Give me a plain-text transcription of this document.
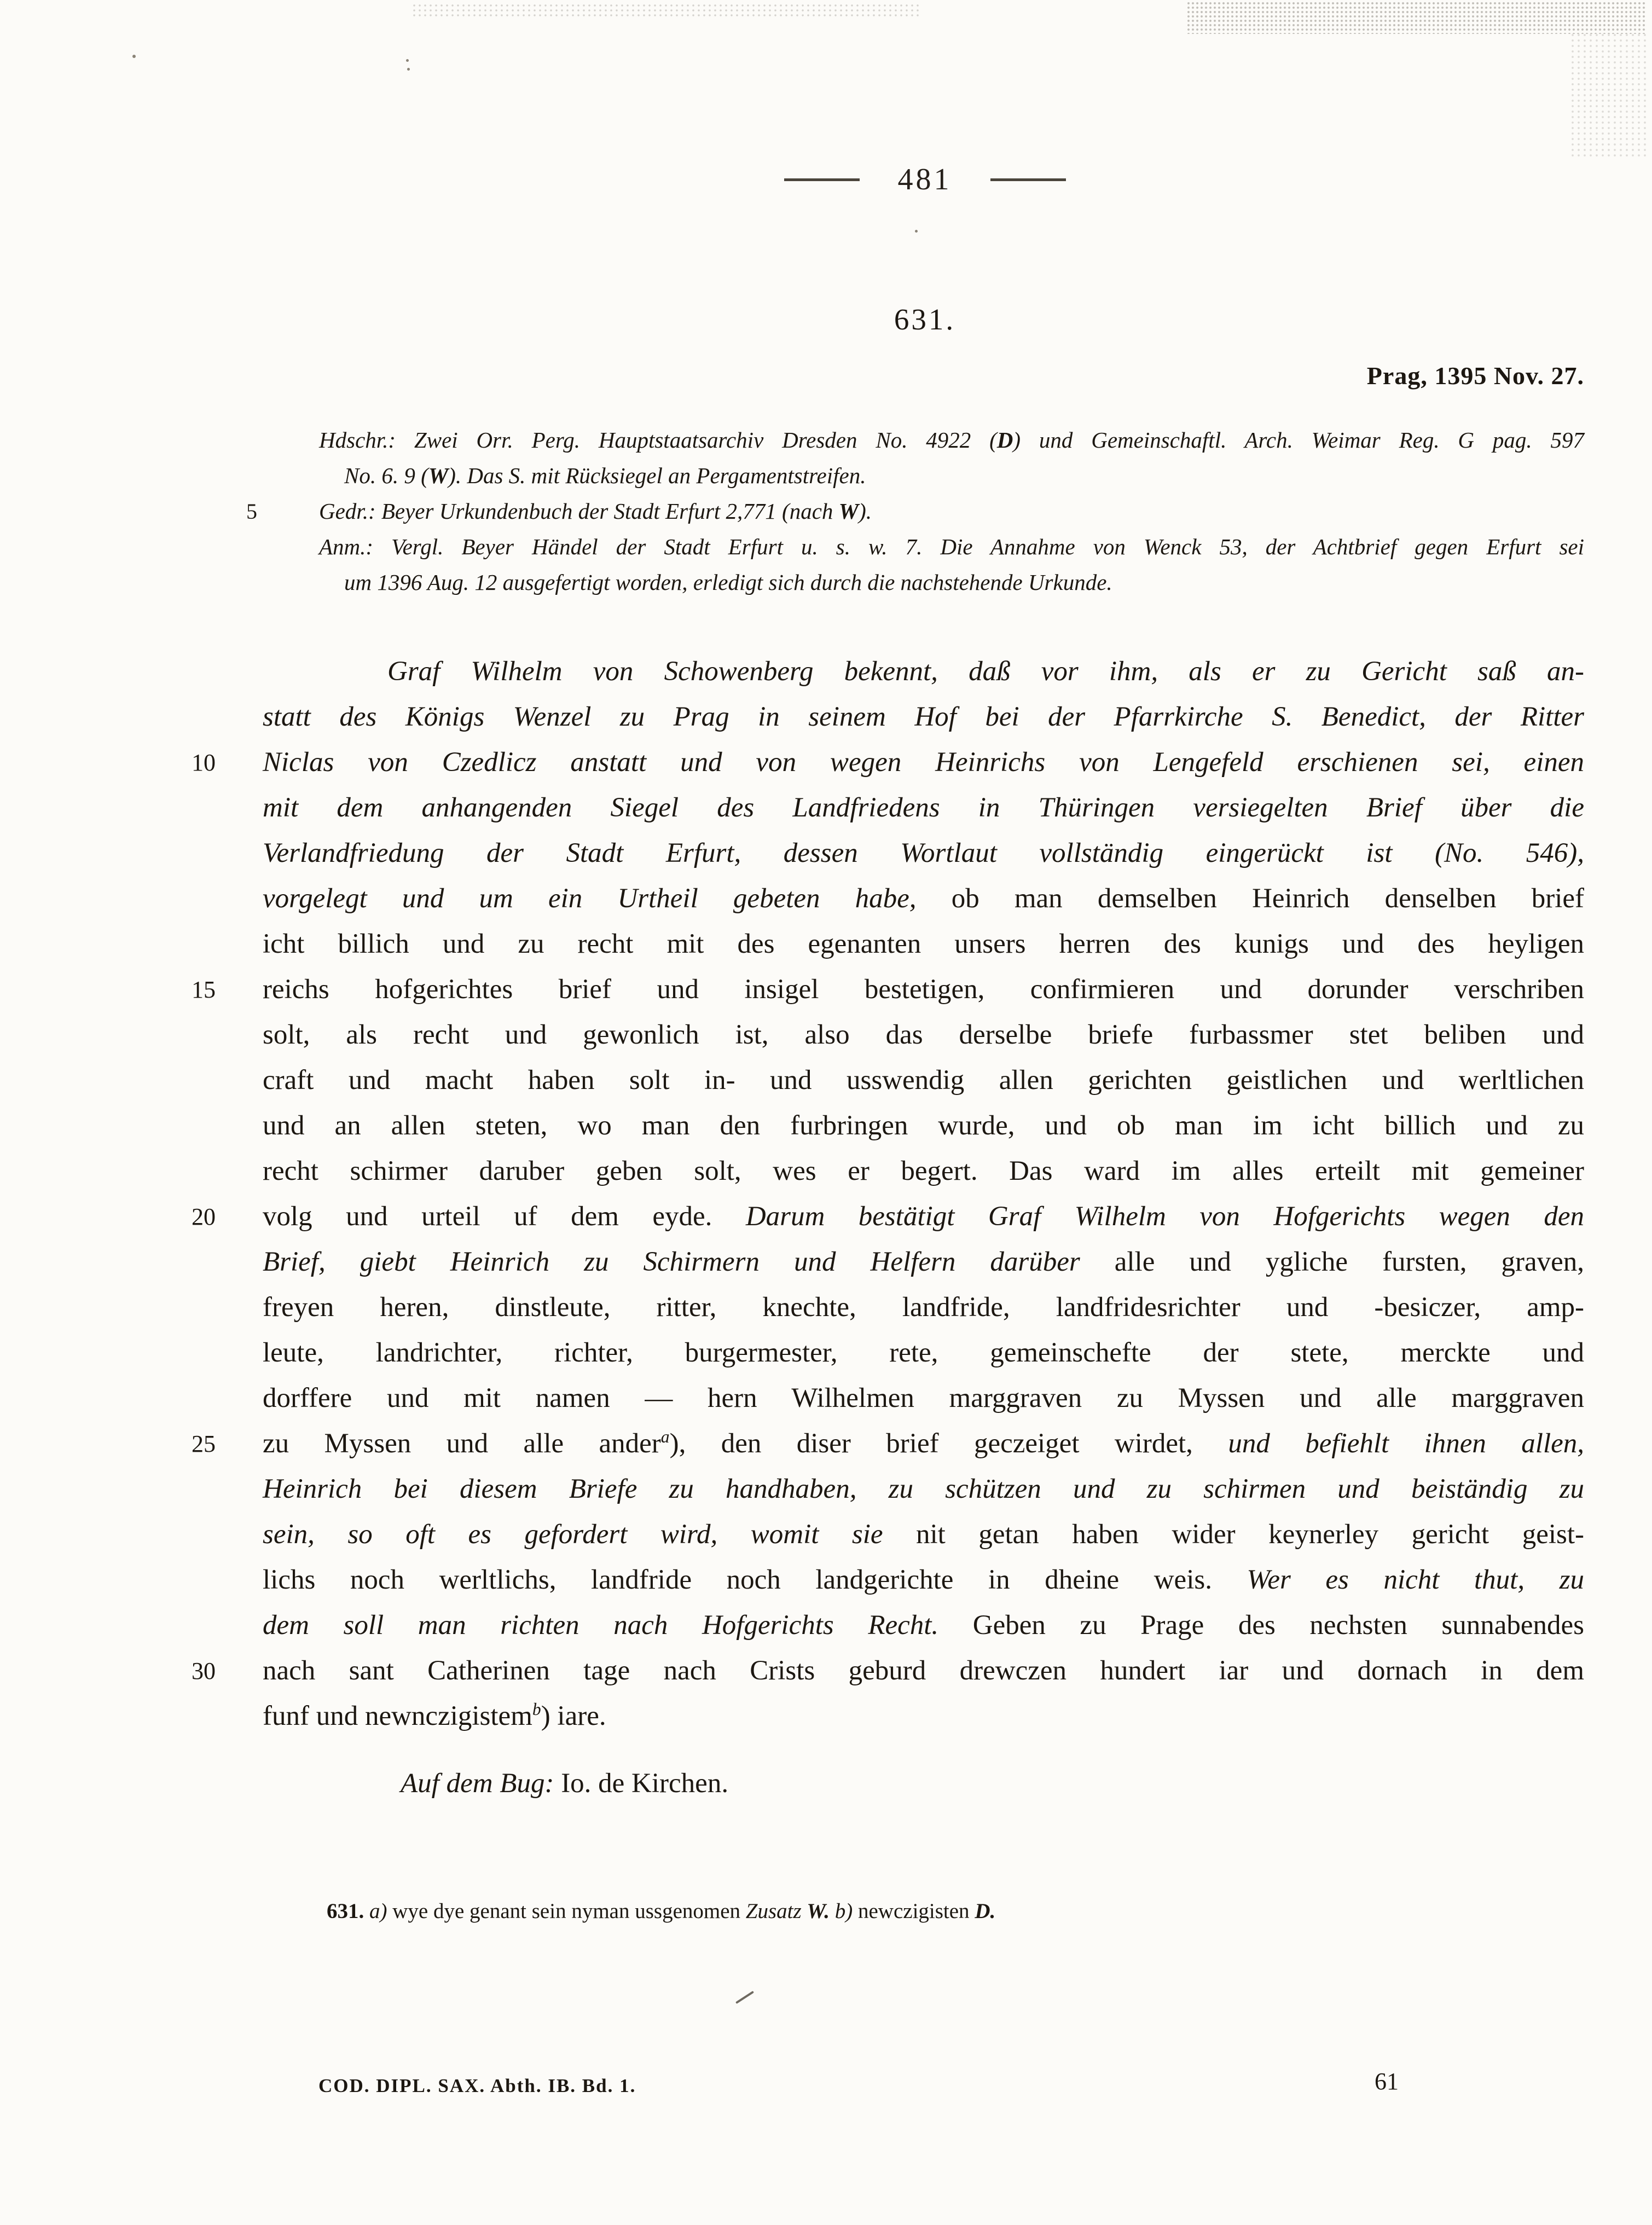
481
631.
Prag, 1395 Nov. 27.
Hdschr.: Zwei Orr. Perg. Hauptstaatsarchiv Dresden No. 4922 (D) und Gemeinschaftl. Arch. Weimar Reg. G pag. 597
No. 6. 9 (W). Das S. mit Rücksiegel an Pergamentstreifen.
5	Gedr.: Beyer Urkundenbuch der Stadt Erfurt 2,771 (nach W).
Anm.: Vergl. Beyer Händel der Stadt Erfurt u. s. w. 7. Die Annahme von Wenck 53, der Achtbrief gegen Erfurt sei
um 1396 Aug. 12 ausgefertigt worden, erledigt sich durch die nachstehende Urkunde.
Graf Wilhelm von Schowenberg bekennt, daß vor ihm, als er zu Gericht saß an-
statt des Königs Wenzel zu Prag in seinem Hof bei der Pfarrkirche S. Benedict, der Ritter
10	Niclas von Czedlicz anstatt und von wegen Heinrichs von Lengefeld erschienen sei, einen
mit dem anhangenden Siegel des Landfriedens in Thüringen versiegelten Brief über die
Verlandfriedung der Stadt Erfurt, dessen Wortlaut vollständig eingerückt ist (No. 546),
vorgelegt und um ein Urtheil gebeten habe, ob man demselben Heinrich denselben brief
icht billich und zu recht mit des egenanten unsers herren des kunigs und des heyligen
15	reichs hofgerichtes brief und insigel bestetigen, confirmieren und dorunder verschriben
solt, als recht und gewonlich ist, also das derselbe briefe furbassmer stet beliben und
craft und macht haben solt in- und usswendig allen gerichten geistlichen und werltlichen
und an allen steten, wo man den furbringen wurde, und ob man im icht billich und zu
recht schirmer daruber geben solt, wes er begert. Das ward im alles erteilt mit gemeiner
20	volg und urteil uf dem eyde. Darum bestätigt Graf Wilhelm von Hofgerichts wegen den
Brief, giebt Heinrich zu Schirmern und Helfern darüber alle und ygliche fursten, graven,
freyen heren, dinstleute, ritter, knechte, landfride, landfridesrichter und -besiczer, amp-
leute, landrichter, richter, burgermester, rete, gemeinschefte der stete, merckte und
dorffere und mit namen — hern Wilhelmen marggraven zu Myssen und alle marggraven
25	zu Myssen und alle ander$^a$), den diser brief geczeiget wirdet, und befiehlt ihnen allen,
Heinrich bei diesem Briefe zu handhaben, zu schützen und zu schirmen und beiständig zu
sein, so oft es gefordert wird, womit sie nit getan haben wider keynerley gericht geist-
lichs noch werltlichs, landfride noch landgerichte in dheine weis. Wer es nicht thut, zu
dem soll man richten nach Hofgerichts Recht. Geben zu Prage des nechsten sunnabendes
30	nach sant Catherinen tage nach Crists geburd drewczen hundert iar und dornach in dem
funf und newnczigistem$^b$) iare.
Auf dem Bug: Io. de Kirchen.
631. a) wye dye genant sein nyman ussgenomen Zusatz W. b) newczigisten D.
COD. DIPL. SAX. Abth. IB. Bd. 1.	61
